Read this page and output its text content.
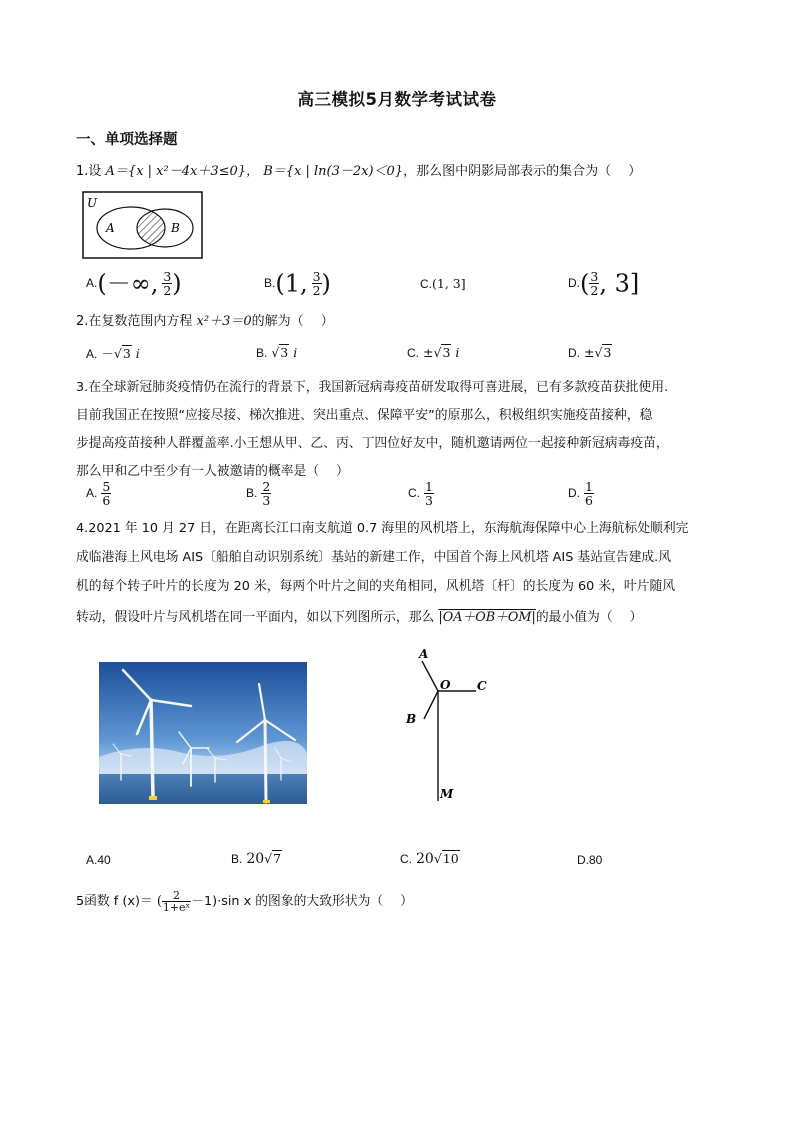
高三模拟5月数学考试试卷
一、单项选择题
1.设 A＝{x | x²－4x＋3≤0}， B＝{x | ln(3－2x)＜0}，那么图中阴影局部表示的集合为（　 ）
U
A	B
A.(－∞, $\frac{3}{2}$ )	B.(1, $\frac{3}{2}$ )	C.(1, 3]	$D.( \frac{3}{2}$ , 3]
2.在复数范围内方程 x²＋3＝0的解为（　 ）
A. －√3 i	B. √3 i	C. ±√3 i	D. ±√3
3.在全球新冠肺炎疫情仍在流行的背景下，我国新冠病毒疫苗研发取得可喜进展，已有多款疫苗获批使用.
目前我国正在按照“应接尽接、梯次推进、突出重点、保障平安”的原那么，积极组织实施疫苗接种，稳
步提高疫苗接种人群覆盖率.小王想从甲、乙、丙、丁四位好友中，随机邀请两位一起接种新冠病毒疫苗，
那么甲和乙中至少有一人被邀请的概率是（　 ）
A. $\frac{5}{6}$	B. $\frac{2}{3}$	C. $\frac{1}{3}$	D. $\frac{1}{6}$
4.2021 年 10 月 27 日，在距离长江口南支航道 0.7 海里的风机塔上，东海航海保障中心上海航标处顺利完
成临港海上风电场 AIS〔船舶自动识别系统〕基站的新建工作，中国首个海上风机塔 AIS 基站宣告建成.风
机的每个转子叶片的长度为 20 米，每两个叶片之间的夹角相同，风机塔〔杆〕的长度为 60 米，叶片随风
转动，假设叶片与风机塔在同一平面内，如以下列图所示，那么 |OA＋OB＋OM|的最小值为（　 ）
A
O C
B
M
A.40	B. 20√7	C. 20√10	D.80
5函数 f (x)＝ ( $\frac{2}{\text{1+eˣ}} -1)\cdot\sin$ x 的图象的大致形状为（　 ）
